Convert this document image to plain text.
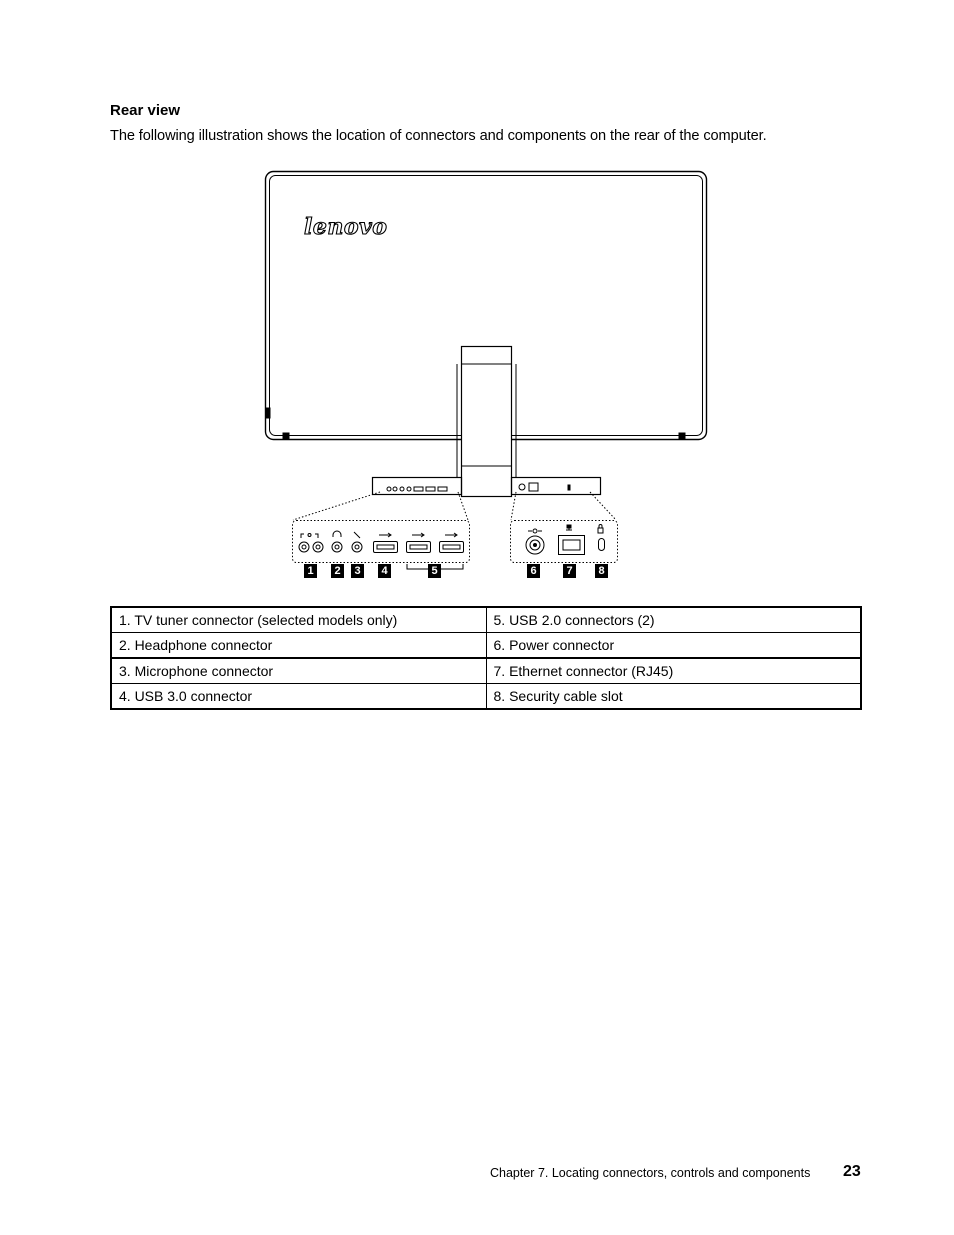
Rear view
The following illustration shows the location of connectors and components on the rear of the computer.
lenovo
1	2	3	4	5	6	7	8
1. TV tuner connector (selected models only)	5. USB 2.0 connectors (2)
2. Headphone connector	6. Power connector
3. Microphone connector	7. Ethernet connector (RJ45)
4. USB 3.0 connector	8. Security cable slot
Chapter 7. Locating connectors, controls and components 23
